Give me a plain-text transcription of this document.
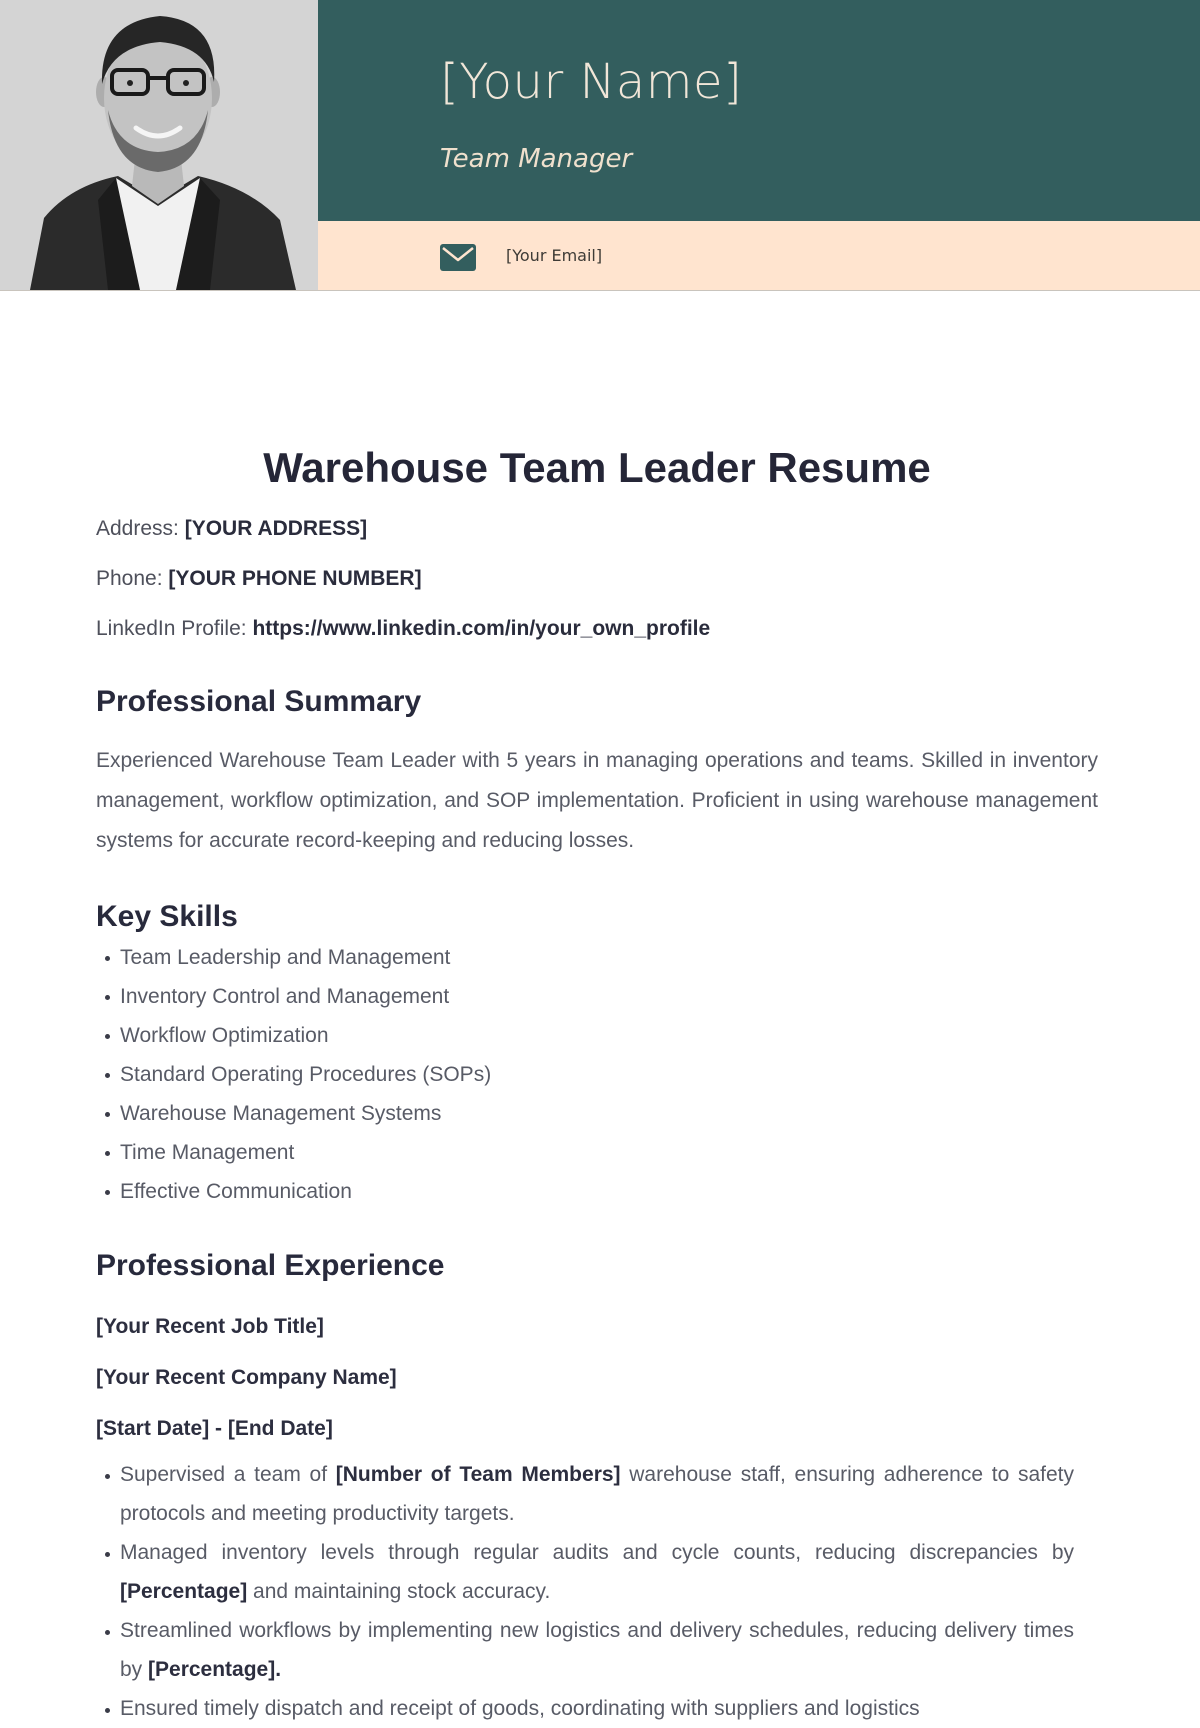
[Your Name]
Team Manager
[Your Email]
Warehouse Team Leader Resume

Address: [YOUR ADDRESS]

Phone: [YOUR PHONE NUMBER]

LinkedIn Profile: https://www.linkedin.com/in/your_own_profile

Professional Summary

Experienced Warehouse Team Leader with 5 years in managing operations and teams. Skilled in inventory management, workflow optimization, and SOP implementation. Proficient in using warehouse management systems for accurate record-keeping and reducing losses.

Key Skills
Team Leadership and Management
Inventory Control and Management
Workflow Optimization
Standard Operating Procedures (SOPs)
Warehouse Management Systems
Time Management
Effective Communication
Professional Experience

[Your Recent Job Title]

[Your Recent Company Name]

[Start Date] - [End Date]

Supervised a team of [Number of Team Members] warehouse staff, ensuring adherence to safety protocols and meeting productivity targets.
Managed inventory levels through regular audits and cycle counts, reducing discrepancies by [Percentage] and maintaining stock accuracy.
Streamlined workflows by implementing new logistics and delivery schedules, reducing delivery times by [Percentage].
Ensured timely dispatch and receipt of goods, coordinating with suppliers and logistics
